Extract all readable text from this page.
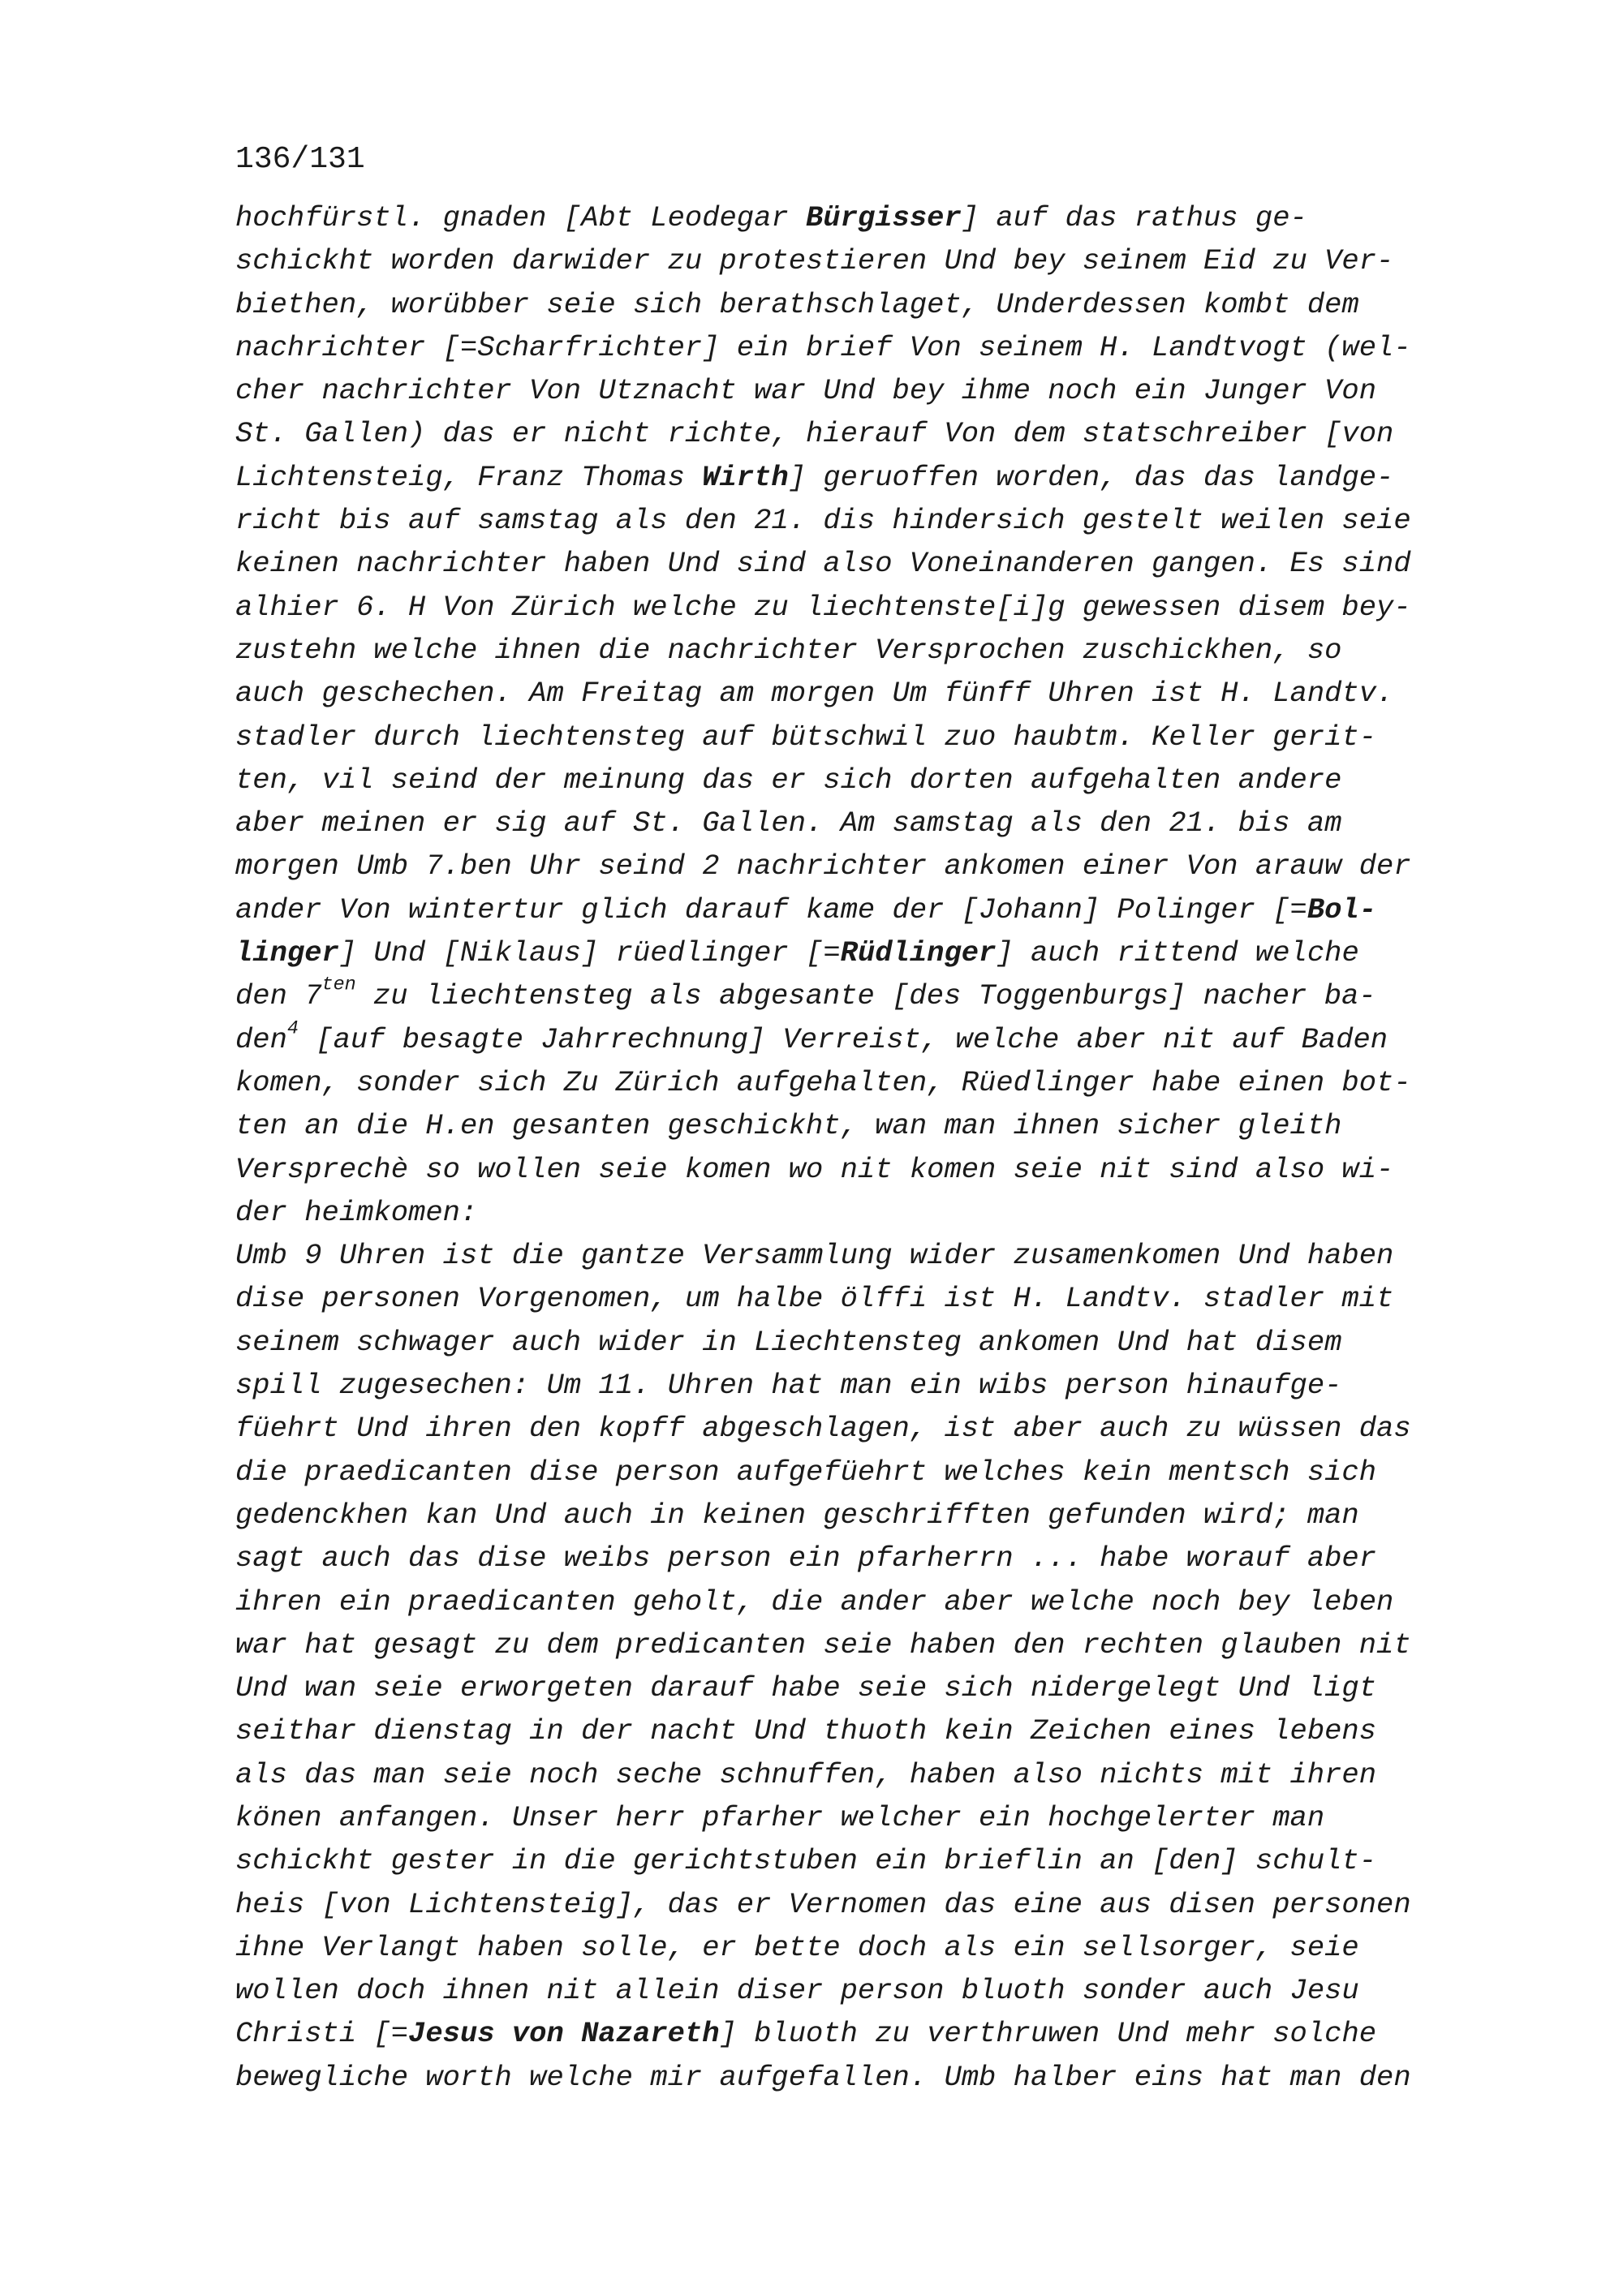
136/131
hochfürstl. gnaden [Abt Leodegar Bürgisser] auf das rathus ge-
schickht worden darwider zu protestieren Und bey seinem Eid zu Ver-
biethen, worübber seie sich berathschlaget, Underdessen kombt dem
nachrichter [=Scharfrichter] ein brief Von seinem H. Landtvogt (wel-
cher nachrichter Von Utznacht war Und bey ihme noch ein Junger Von
St. Gallen) das er nicht richte, hierauf Von dem statschreiber [von
Lichtensteig, Franz Thomas Wirth] geruoffen worden, das das landge-
richt bis auf samstag als den 21. dis hindersich gestelt weilen seie
keinen nachrichter haben Und sind also Voneinanderen gangen. Es sind
alhier 6. H Von Zürich welche zu liechtenste[i]g gewessen disem bey-
zustehn welche ihnen die nachrichter Versprochen zuschickhen, so
auch geschechen. Am Freitag am morgen Um fünff Uhren ist H. Landtv.
stadler durch liechtensteg auf bütschwil zuo haubtm. Keller gerit-
ten, vil seind der meinung das er sich dorten aufgehalten andere
aber meinen er sig auf St. Gallen. Am samstag als den 21. bis am
morgen Umb 7.ben Uhr seind 2 nachrichter ankomen einer Von arauw der
ander Von wintertur glich darauf kame der [Johann] Polinger [=Bol-
linger] Und [Niklaus] rüedlinger [=Rüdlinger] auch rittend welche
den $7^{ten}$ zu liechtensteg als abgesante [des Toggenburgs] nacher ba-
den$^4$ [auf besagte Jahrrechnung] Verreist, welche aber nit auf Baden
komen, sonder sich Zu Zürich aufgehalten, Rüedlinger habe einen bot-
ten an die H.en gesanten geschickht, wan man ihnen sicher gleith
Versprechè so wollen seie komen wo nit komen seie nit sind also wi-
der heimkomen:
Umb 9 Uhren ist die gantze Versammlung wider zusamenkomen Und haben
dise personen Vorgenomen, um halbe ölffi ist H. Landtv. stadler mit
seinem schwager auch wider in Liechtensteg ankomen Und hat disem
spill zugesechen: Um 11. Uhren hat man ein wibs person hinaufge-
füehrt Und ihren den kopff abgeschlagen, ist aber auch zu wüssen das
die praedicanten dise person aufgefüehrt welches kein mentsch sich
gedenckhen kan Und auch in keinen geschrifften gefunden wird; man
sagt auch das dise weibs person ein pfarherrn ... habe worauf aber
ihren ein praedicanten geholt, die ander aber welche noch bey leben
war hat gesagt zu dem predicanten seie haben den rechten glauben nit
Und wan seie erworgeten darauf habe seie sich nidergelegt Und ligt
seithar dienstag in der nacht Und thuoth kein Zeichen eines lebens
als das man seie noch seche schnuffen, haben also nichts mit ihren
könen anfangen. Unser herr pfarher welcher ein hochgelerter man
schickht gester in die gerichtstuben ein brieflin an [den] schult-
heis [von Lichtensteig], das er Vernomen das eine aus disen personen
ihne Verlangt haben solle, er bette doch als ein sellsorger, seie
wollen doch ihnen nit allein diser person bluoth sonder auch Jesu
Christi [=Jesus von Nazareth] bluoth zu verthruwen Und mehr solche
bewegliche worth welche mir aufgefallen. Umb halber eins hat man den
